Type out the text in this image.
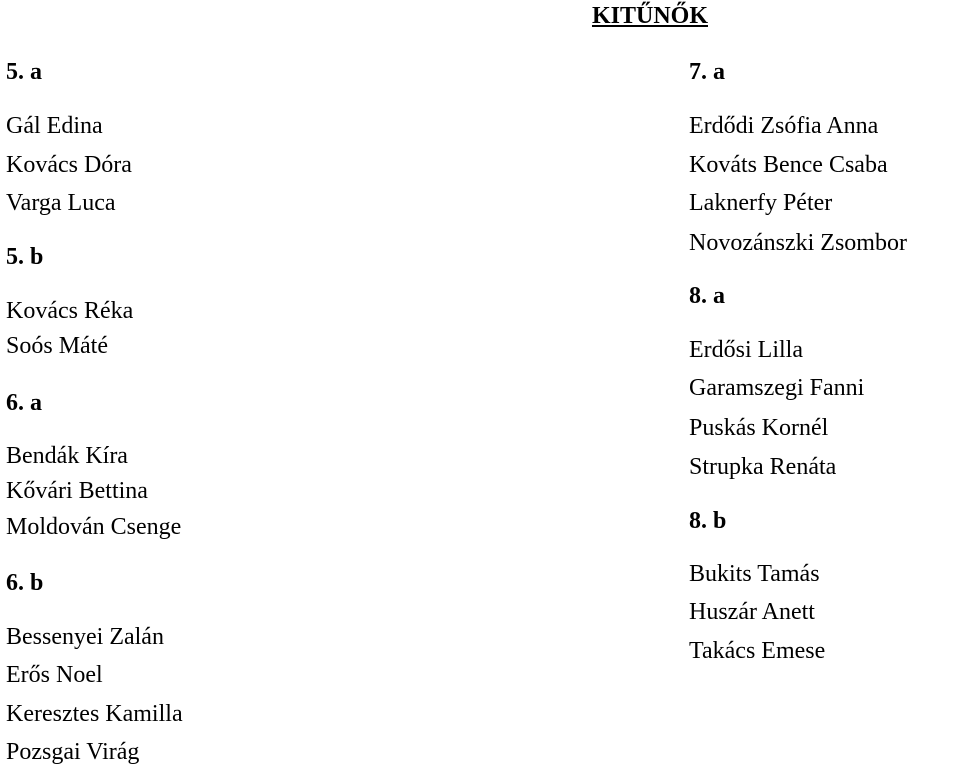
KITŰNŐK
5. a
Gál Edina
Kovács Dóra
Varga Luca
5. b
Kovács Réka
Soós Máté
6. a
Bendák Kíra
Kővári Bettina
Moldován Csenge
6. b
Bessenyei Zalán
Erős Noel
Keresztes Kamilla
Pozsgai Virág
7. a
Erdődi Zsófia Anna
Kováts Bence Csaba
Laknerfy Péter
Novozánszki Zsombor
8. a
Erdősi Lilla
Garamszegi Fanni
Puskás Kornél
Strupka Renáta
8. b
Bukits Tamás
Huszár Anett
Takács Emese
